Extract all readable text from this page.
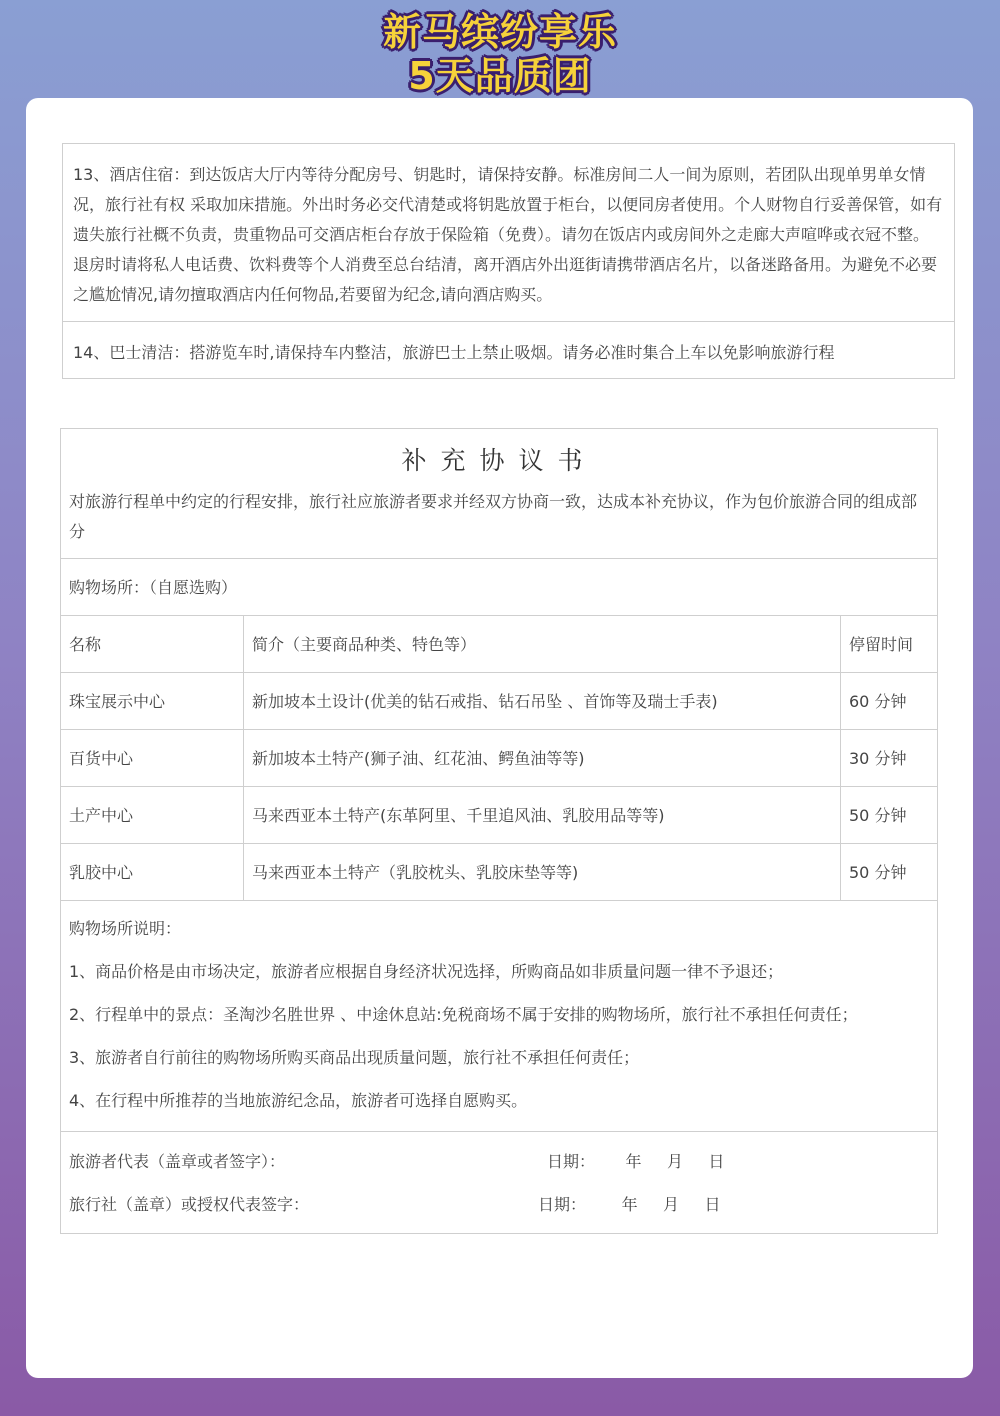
新马缤纷享乐
5天品质团
13、酒店住宿：到达饭店大厅内等待分配房号、钥匙时，请保持安静。标准房间二人一间为原则，若团队出现单男单女情况，旅行社有权 采取加床措施。外出时务必交代清楚或将钥匙放置于柜台，以便同房者使用。个人财物自行妥善保管，如有遗失旅行社概不负责，贵重物品可交酒店柜台存放于保险箱（免费）。请勿在饭店内或房间外之走廊大声喧哗或衣冠不整。退房时请将私人电话费、饮料费等个人消费至总台结清，离开酒店外出逛街请携带酒店名片，以备迷路备用。为避免不必要之尴尬情况,请勿擅取酒店内任何物品,若要留为纪念,请向酒店购买。
14、巴士清洁：搭游览车时,请保持车内整洁，旅游巴士上禁止吸烟。请务必准时集合上车以免影响旅游行程
补充协议书
对旅游行程单中约定的行程安排，旅行社应旅游者要求并经双方协商一致，达成本补充协议，作为包价旅游合同的组成部分
购物场所：（自愿选购）
名称	简介（主要商品种类、特色等）	停留时间
珠宝展示中心	新加坡本土设计(优美的钻石戒指、钻石吊坠 、首饰等及瑞士手表)	60 分钟
百货中心	新加坡本土特产(狮子油、红花油、鳄鱼油等等)	30 分钟
土产中心	马来西亚本土特产(东革阿里、千里追风油、乳胶用品等等)	50 分钟
乳胶中心	马来西亚本土特产（乳胶枕头、乳胶床垫等等)	50 分钟
购物场所说明：
1、商品价格是由市场决定，旅游者应根据自身经济状况选择，所购商品如非质量问题一律不予退还；
2、行程单中的景点：圣淘沙名胜世界 、中途休息站:免税商场不属于安排的购物场所，旅行社不承担任何责任；
3、旅游者自行前往的购物场所购买商品出现质量问题，旅行社不承担任何责任；
4、在行程中所推荐的当地旅游纪念品，旅游者可选择自愿购买。
旅游者代表（盖章或者签字）：	日期：      年     月     日
旅行社（盖章）或授权代表签字：	日期：       年     月     日
